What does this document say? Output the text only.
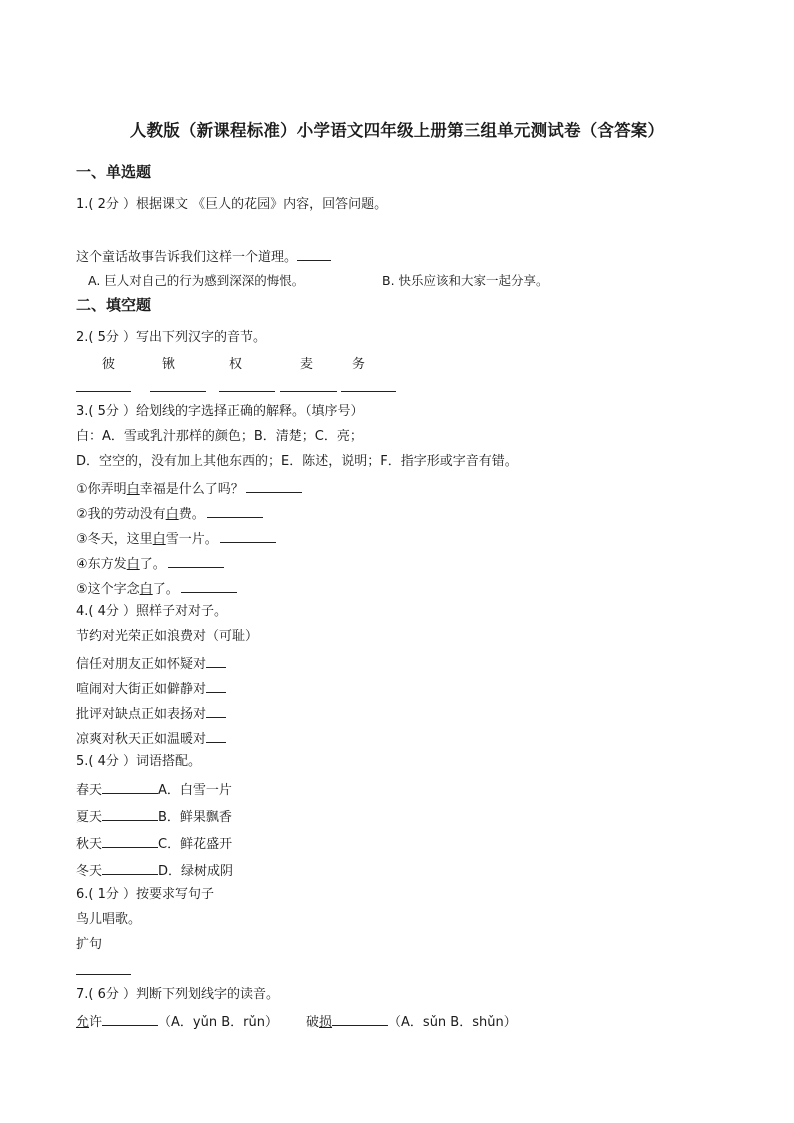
人教版（新课程标准）小学语文四年级上册第三组单元测试卷（含答案）
一、单选题
1.( 2分 ）根据课文 《巨人的花园》内容，回答问题。
这个童话故事告诉我们这样一个道理。
A. 巨人对自己的行为感到深深的悔恨。	B. 快乐应该和大家一起分享。
二、填空题
2.( 5分 ）写出下列汉字的音节。
彼	锹	权	麦	务
3.( 5分 ）给划线的字选择正确的解释。（填序号）
白：A．雪或乳汁那样的颜色；B．清楚；C．亮；
D．空空的，没有加上其他东西的；E．陈述，说明；F．指字形或字音有错。
①你弄明白幸福是什么了吗？
②我的劳动没有白费。
③冬天，这里白雪一片。
④东方发白了。
⑤这个字念白了。
4.( 4分 ）照样子对对子。
节约对光荣正如浪费对（可耻）
信任对朋友正如怀疑对
喧闹对大街正如僻静对
批评对缺点正如表扬对
凉爽对秋天正如温暖对
5.( 4分 ）词语搭配。
春天	A．白雪一片
夏天	B．鲜果飘香
秋天	C．鲜花盛开
冬天	D．绿树成阴
6.( 1分 ）按要求写句子
鸟儿唱歌。
扩句
7.( 6分 ）判断下列划线字的读音。
允许	（A．yǔn B．rǔn） 破损	（A．sǔn B．shǔn）
